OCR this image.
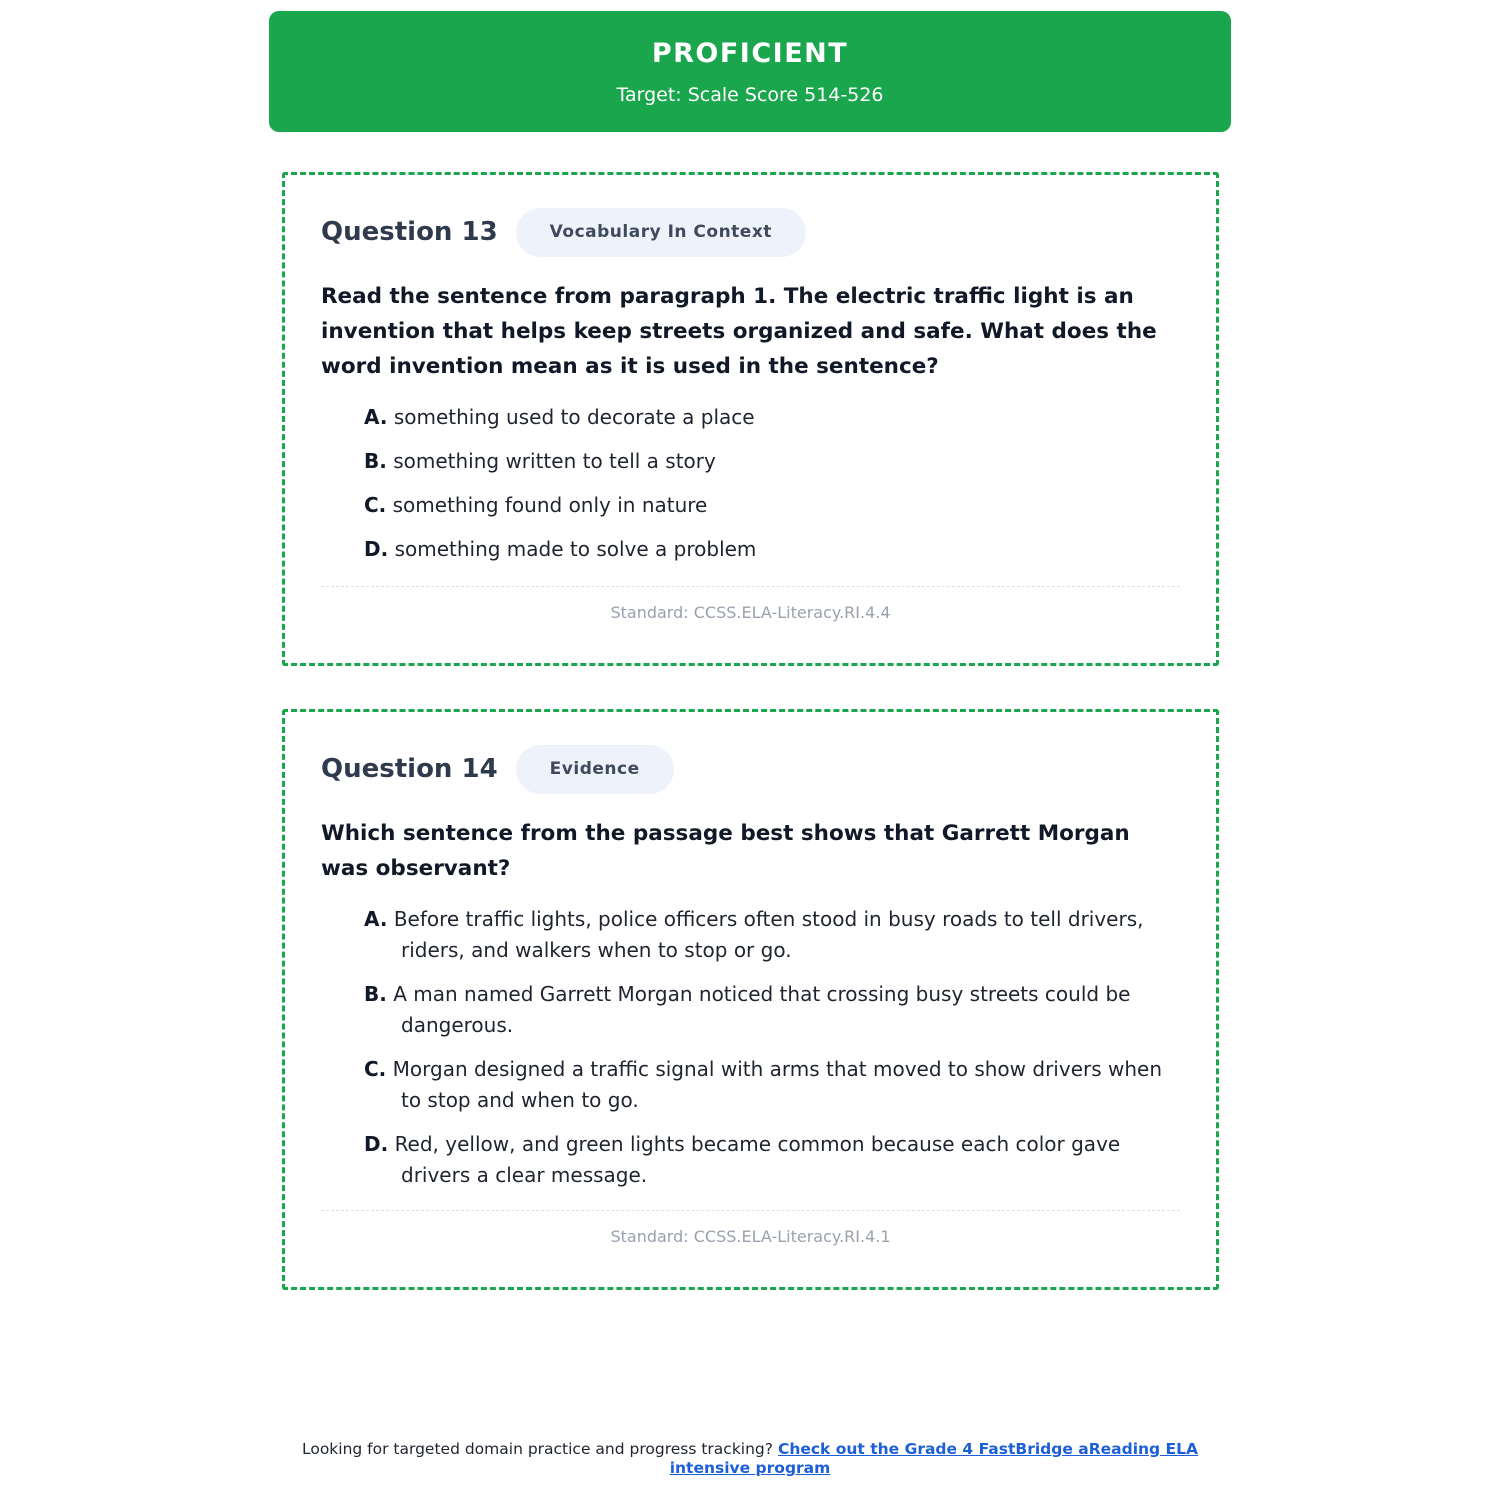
PROFICIENT
Target: Scale Score 514-526
Question 13	Vocabulary In Context

Read the sentence from paragraph 1. The electric traffic light is an invention that helps keep streets organized and safe. What does the word invention mean as it is used in the sentence?

A. something used to decorate a place
B. something written to tell a story
C. something found only in nature
D. something made to solve a problem
Standard: CCSS.ELA-Literacy.RI.4.4
Question 14	Evidence

Which sentence from the passage best shows that Garrett Morgan was observant?

A. Before traffic lights, police officers often stood in busy roads to tell drivers, riders, and walkers when to stop or go.
B. A man named Garrett Morgan noticed that crossing busy streets could be dangerous.
C. Morgan designed a traffic signal with arms that moved to show drivers when to stop and when to go.
D. Red, yellow, and green lights became common because each color gave drivers a clear message.
Standard: CCSS.ELA-Literacy.RI.4.1
Looking for targeted domain practice and progress tracking? Check out the Grade 4 FastBridge aReading ELA intensive program
